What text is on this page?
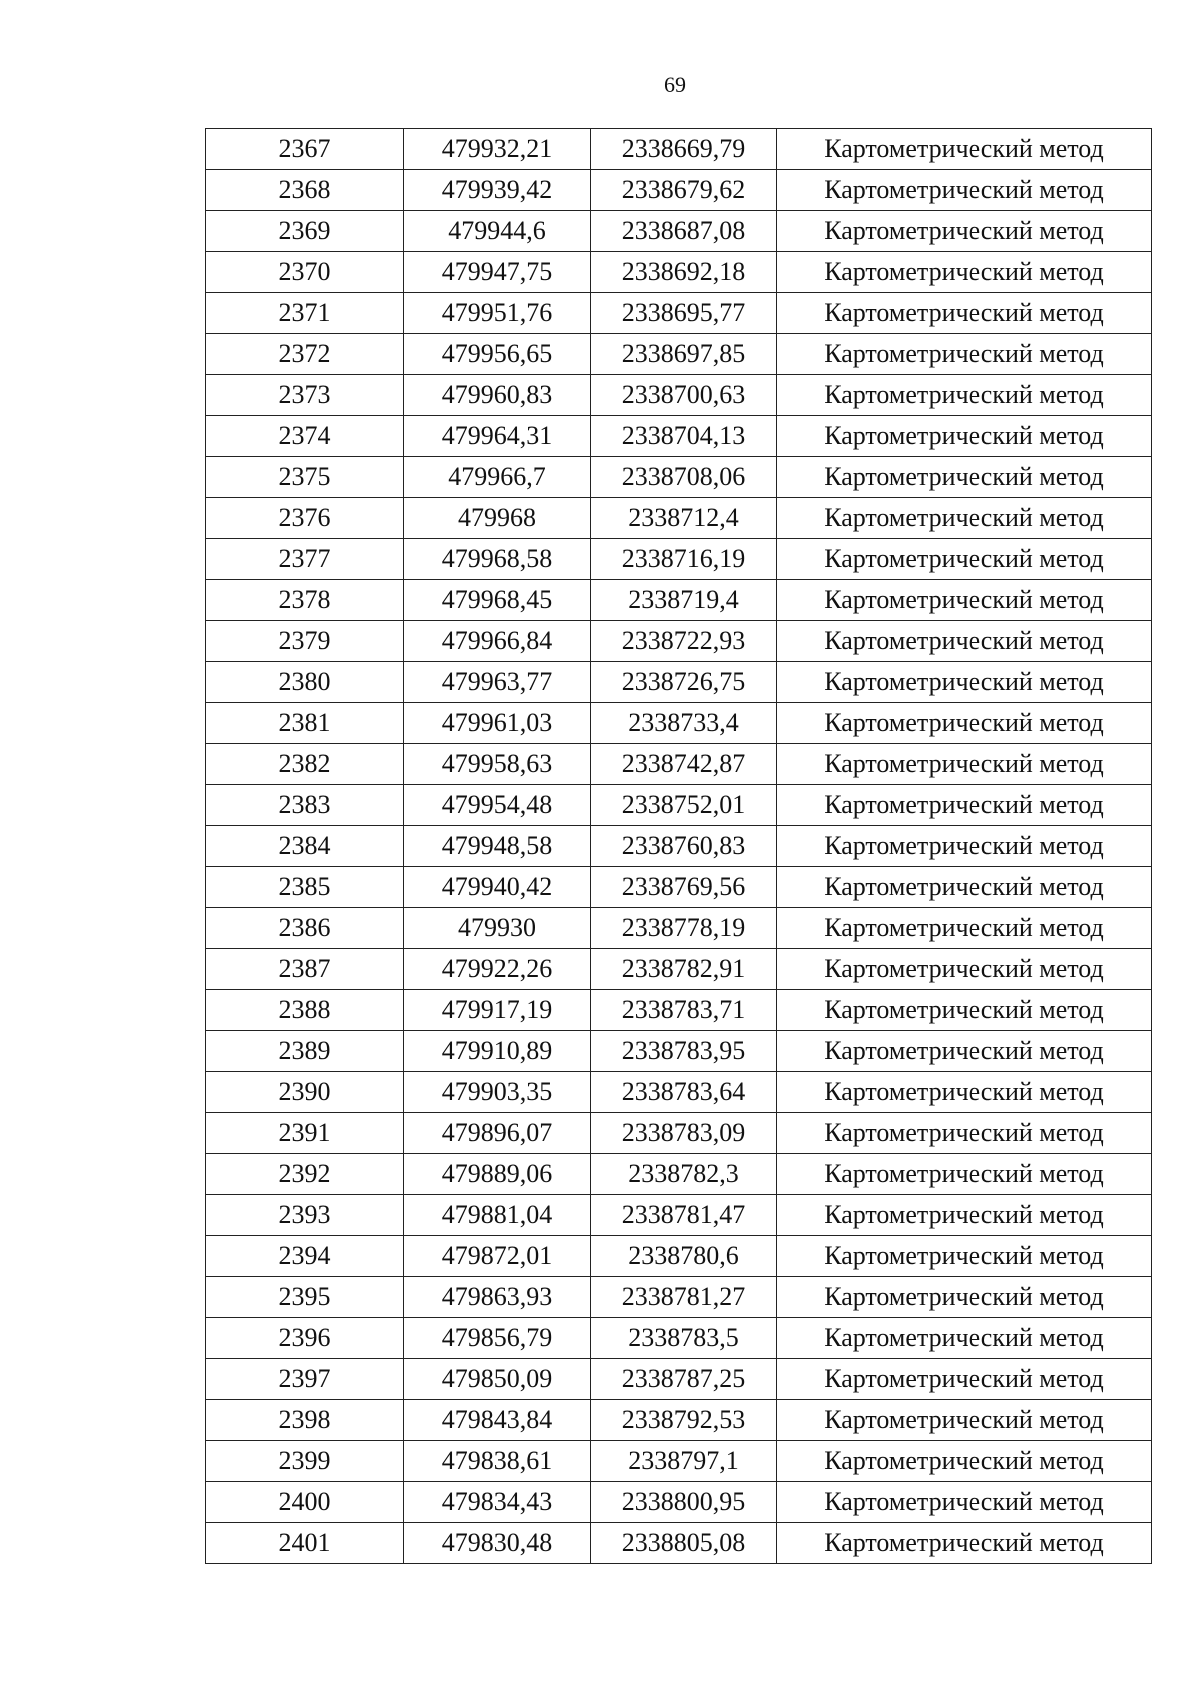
69
2367	479932,21	2338669,79	Картометрический метод
2368	479939,42	2338679,62	Картометрический метод
2369	479944,6	2338687,08	Картометрический метод
2370	479947,75	2338692,18	Картометрический метод
2371	479951,76	2338695,77	Картометрический метод
2372	479956,65	2338697,85	Картометрический метод
2373	479960,83	2338700,63	Картометрический метод
2374	479964,31	2338704,13	Картометрический метод
2375	479966,7	2338708,06	Картометрический метод
2376	479968	2338712,4	Картометрический метод
2377	479968,58	2338716,19	Картометрический метод
2378	479968,45	2338719,4	Картометрический метод
2379	479966,84	2338722,93	Картометрический метод
2380	479963,77	2338726,75	Картометрический метод
2381	479961,03	2338733,4	Картометрический метод
2382	479958,63	2338742,87	Картометрический метод
2383	479954,48	2338752,01	Картометрический метод
2384	479948,58	2338760,83	Картометрический метод
2385	479940,42	2338769,56	Картометрический метод
2386	479930	2338778,19	Картометрический метод
2387	479922,26	2338782,91	Картометрический метод
2388	479917,19	2338783,71	Картометрический метод
2389	479910,89	2338783,95	Картометрический метод
2390	479903,35	2338783,64	Картометрический метод
2391	479896,07	2338783,09	Картометрический метод
2392	479889,06	2338782,3	Картометрический метод
2393	479881,04	2338781,47	Картометрический метод
2394	479872,01	2338780,6	Картометрический метод
2395	479863,93	2338781,27	Картометрический метод
2396	479856,79	2338783,5	Картометрический метод
2397	479850,09	2338787,25	Картометрический метод
2398	479843,84	2338792,53	Картометрический метод
2399	479838,61	2338797,1	Картометрический метод
2400	479834,43	2338800,95	Картометрический метод
2401	479830,48	2338805,08	Картометрический метод
